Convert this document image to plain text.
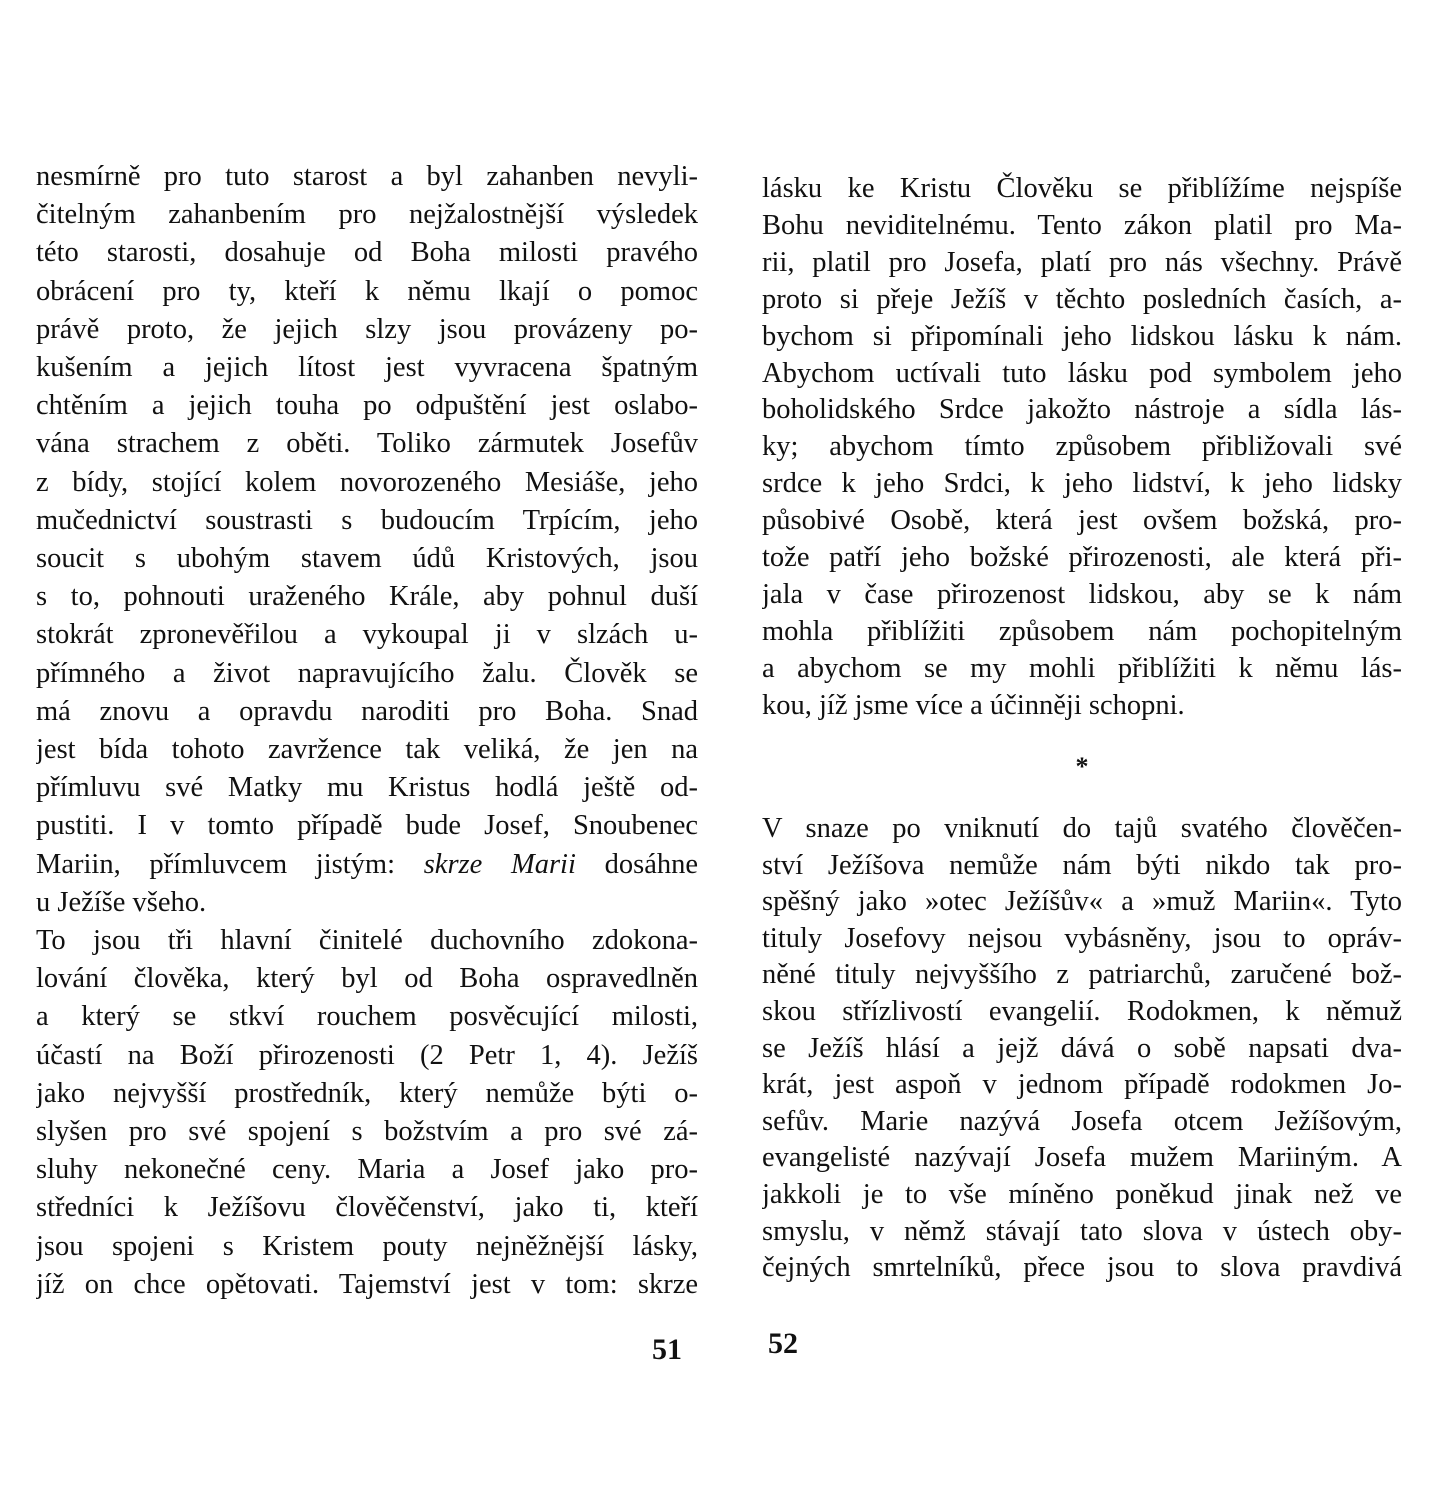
nesmírně pro tuto starost a byl zahanben nevyli-
čitelným zahanbením pro nejžalostnější výsledek
této starosti, dosahuje od Boha milosti pravého
obrácení pro ty, kteří k němu lkají o pomoc
právě proto, že jejich slzy jsou provázeny po-
kušením a jejich lítost jest vyvracena špatným
chtěním a jejich touha po odpuštění jest oslabo-
vána strachem z oběti. Toliko zármutek Josefův
z bídy, stojící kolem novorozeného Mesiáše, jeho
mučednictví soustrasti s budoucím Trpícím, jeho
soucit s ubohým stavem údů Kristových, jsou
s to, pohnouti uraženého Krále, aby pohnul duší
stokrát zpronevěřilou a vykoupal ji v slzách u-
přímného a život napravujícího žalu. Člověk se
má znovu a opravdu naroditi pro Boha. Snad
jest bída tohoto zavržence tak veliká, že jen na
přímluvu své Matky mu Kristus hodlá ještě od-
pustiti. I v tomto případě bude Josef, Snoubenec
Mariin, přímluvcem jistým: skrze Marii dosáhne
u Ježíše všeho.
To jsou tři hlavní činitelé duchovního zdokona-
lování člověka, který byl od Boha ospravedlněn
a který se stkví rouchem posvěcující milosti,
účastí na Boží přirozenosti (2 Petr 1, 4). Ježíš
jako nejvyšší prostředník, který nemůže býti o-
slyšen pro své spojení s božstvím a pro své zá-
sluhy nekonečné ceny. Maria a Josef jako pro-
středníci k Ježíšovu člověčenství, jako ti, kteří
jsou spojeni s Kristem pouty nejněžnější lásky,
jíž on chce opětovati. Tajemství jest v tom: skrze
51
lásku ke Kristu Člověku se přiblížíme nejspíše
Bohu neviditelnému. Tento zákon platil pro Ma-
rii, platil pro Josefa, platí pro nás všechny. Právě
proto si přeje Ježíš v těchto posledních časích, a-
bychom si připomínali jeho lidskou lásku k nám.
Abychom uctívali tuto lásku pod symbolem jeho
boholidského Srdce jakožto nástroje a sídla lás-
ky; abychom tímto způsobem přibližovali své
srdce k jeho Srdci, k jeho lidství, k jeho lidsky
působivé Osobě, která jest ovšem božská, pro-
tože patří jeho božské přirozenosti, ale která při-
jala v čase přirozenost lidskou, aby se k nám
mohla přiblížiti způsobem nám pochopitelným
a abychom se my mohli přiblížiti k němu lás-
kou, jíž jsme více a účinněji schopni.
*
V snaze po vniknutí do tajů svatého člověčen-
ství Ježíšova nemůže nám býti nikdo tak pro-
spěšný jako »otec Ježíšův« a »muž Mariin«. Tyto
tituly Josefovy nejsou vybásněny, jsou to opráv-
něné tituly nejvyššího z patriarchů, zaručené bož-
skou střízlivostí evangelií. Rodokmen, k němuž
se Ježíš hlásí a jejž dává o sobě napsati dva-
krát, jest aspoň v jednom případě rodokmen Jo-
sefův. Marie nazývá Josefa otcem Ježíšovým,
evangelisté nazývají Josefa mužem Mariiným. A
jakkoli je to vše míněno poněkud jinak než ve
smyslu, v němž stávají tato slova v ústech oby-
čejných smrtelníků, přece jsou to slova pravdivá
52
